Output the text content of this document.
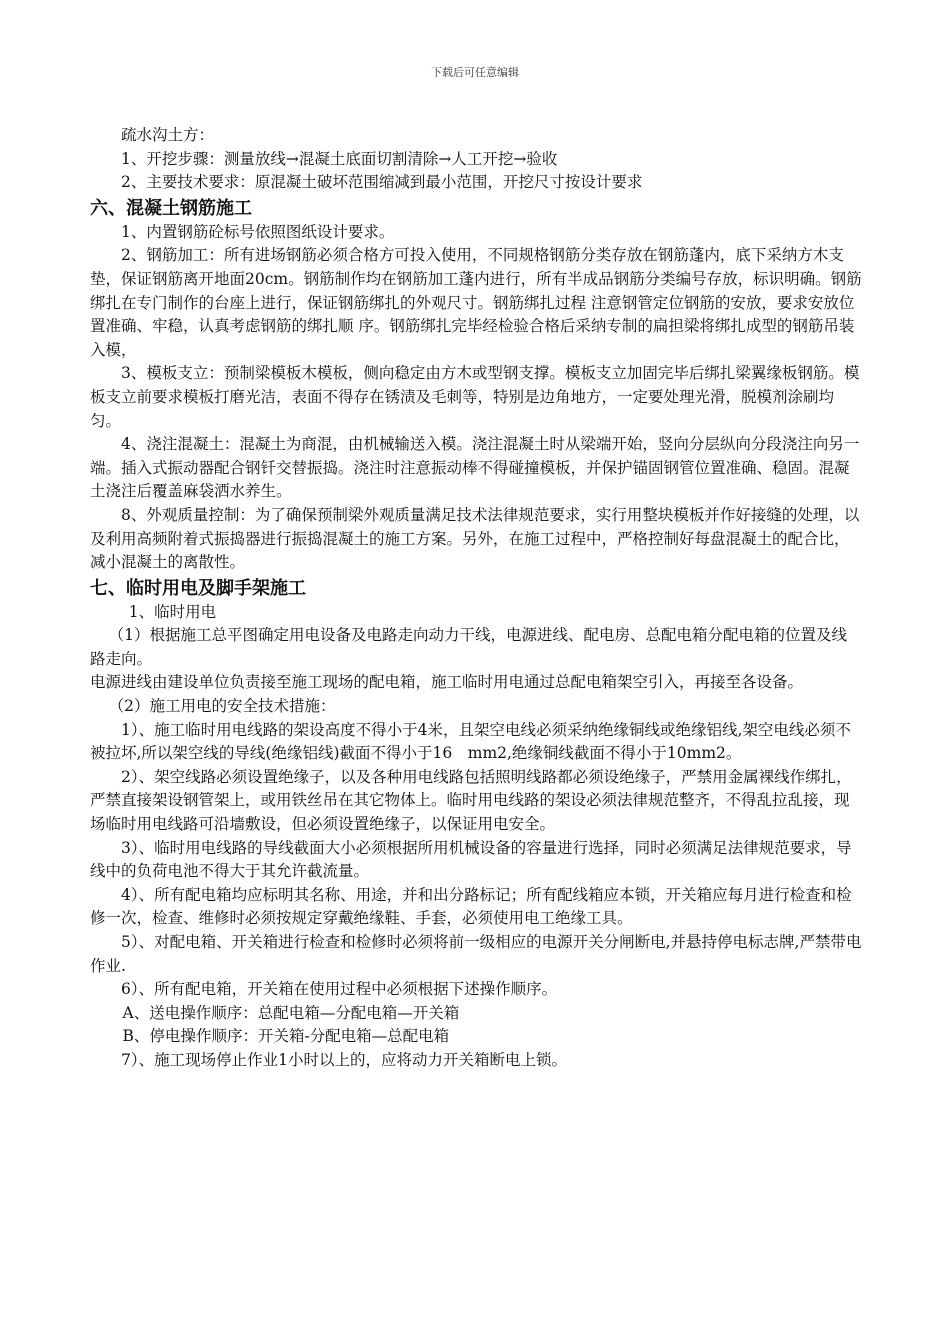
下载后可任意编辑

疏水沟土方：

1、开挖步骤：测量放线→混凝土底面切割清除→人工开挖→验收

2、主要技术要求：原混凝土破坏范围缩减到最小范围，开挖尺寸按设计要求

六、混凝土钢筋施工

1、内置钢筋砼标号依照图纸设计要求。

2、钢筋加工：所有进场钢筋必须合格方可投入使用，不同规格钢筋分类存放在钢筋蓬内，底下采纳方木支垫，保证钢筋离开地面20cm。钢筋制作均在钢筋加工蓬内进行，所有半成品钢筋分类编号存放，标识明确。钢筋绑扎在专门制作的台座上进行，保证钢筋绑扎的外观尺寸。钢筋绑扎过程 注意钢管定位钢筋的安放，要求安放位置准确、牢稳，认真考虑钢筋的绑扎顺 序。钢筋绑扎完毕经检验合格后采纳专制的扁担梁将绑扎成型的钢筋吊装入模，

3、模板支立：预制梁模板木模板，侧向稳定由方木或型钢支撑。模板支立加固完毕后绑扎梁翼缘板钢筋。模板支立前要求模板打磨光洁，表面不得存在锈渍及毛刺等，特别是边角地方，一定要处理光滑，脱模剂涂刷均匀。

4、浇注混凝土：混凝土为商混，由机械输送入模。浇注混凝土时从梁端开始，竖向分层纵向分段浇注向另一端。插入式振动器配合钢钎交替振捣。浇注时注意振动棒不得碰撞模板，并保护锚固钢管位置准确、稳固。混凝土浇注后覆盖麻袋洒水养生。

8、外观质量控制：为了确保预制梁外观质量满足技术法律规范要求，实行用整块模板并作好接缝的处理，以及利用高频附着式振捣器进行振捣混凝土的施工方案。另外，在施工过程中，严格控制好每盘混凝土的配合比，减小混凝土的离散性。

七、临时用电及脚手架施工

1、临时用电

（1）根据施工总平图确定用电设备及电路走向动力干线，电源进线、配电房、总配电箱分配电箱的位置及线路走向。

电源进线由建设单位负责接至施工现场的配电箱，施工临时用电通过总配电箱架空引入，再接至各设备。

（2）施工用电的安全技术措施：

1）、施工临时用电线路的架设高度不得小于4米，且架空电线必须采纳绝缘铜线或绝缘铝线,架空电线必须不被拉坏,所以架空线的导线(绝缘铝线)截面不得小于16　mm2,绝缘铜线截面不得小于10mm2。

2）、架空线路必须设置绝缘子，以及各种用电线路包括照明线路都必须设绝缘子，严禁用金属裸线作绑扎，严禁直接架设钢管架上，或用铁丝吊在其它物体上。临时用电线路的架设必须法律规范整齐，不得乱拉乱接，现场临时用电线路可沿墙敷设，但必须设置绝缘子，以保证用电安全。

3）、临时用电线路的导线截面大小必须根据所用机械设备的容量进行选择，同时必须满足法律规范要求，导线中的负荷电池不得大于其允许截流量。

4）、所有配电箱均应标明其名称、用途，并和出分路标记；所有配线箱应本锁，开关箱应每月进行检查和检修一次，检查、维修时必须按规定穿戴绝缘鞋、手套，必须使用电工绝缘工具。

5）、对配电箱、开关箱进行检查和检修时必须将前一级相应的电源开关分闸断电,并悬持停电标志牌,严禁带电作业.

6）、所有配电箱，开关箱在使用过程中必须根据下述操作顺序。

A、送电操作顺序：总配电箱—分配电箱—开关箱

B、停电操作顺序：开关箱-分配电箱—总配电箱

7）、施工现场停止作业1小时以上的，应将动力开关箱断电上锁。
